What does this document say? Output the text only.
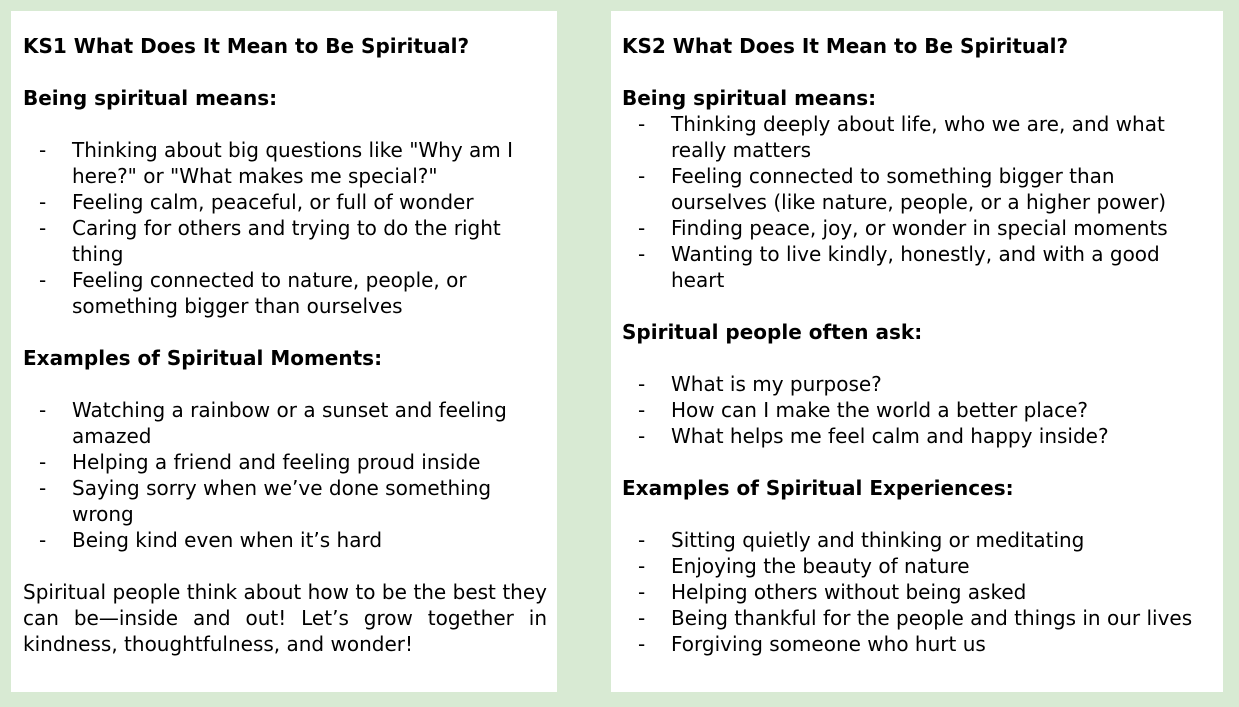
KS1 What Does It Mean to Be Spiritual?

Being spiritual means:

- Thinking about big questions like "Why am I here?" or "What makes me special?"
- Feeling calm, peaceful, or full of wonder
- Caring for others and trying to do the right thing
- Feeling connected to nature, people, or something bigger than ourselves

Examples of Spiritual Moments:

- Watching a rainbow or a sunset and feeling amazed
- Helping a friend and feeling proud inside
- Saying sorry when we’ve done something wrong
- Being kind even when it’s hard

Spiritual people think about how to be the best they can be—inside and out! Let’s grow together in kindness, thoughtfulness, and wonder!

KS2 What Does It Mean to Be Spiritual?

Being spiritual means:

- Thinking deeply about life, who we are, and what really matters
- Feeling connected to something bigger than ourselves (like nature, people, or a higher power)
- Finding peace, joy, or wonder in special moments
- Wanting to live kindly, honestly, and with a good heart

Spiritual people often ask:

- What is my purpose?
- How can I make the world a better place?
- What helps me feel calm and happy inside?

Examples of Spiritual Experiences:

- Sitting quietly and thinking or meditating
- Enjoying the beauty of nature
- Helping others without being asked
- Being thankful for the people and things in our lives
- Forgiving someone who hurt us
